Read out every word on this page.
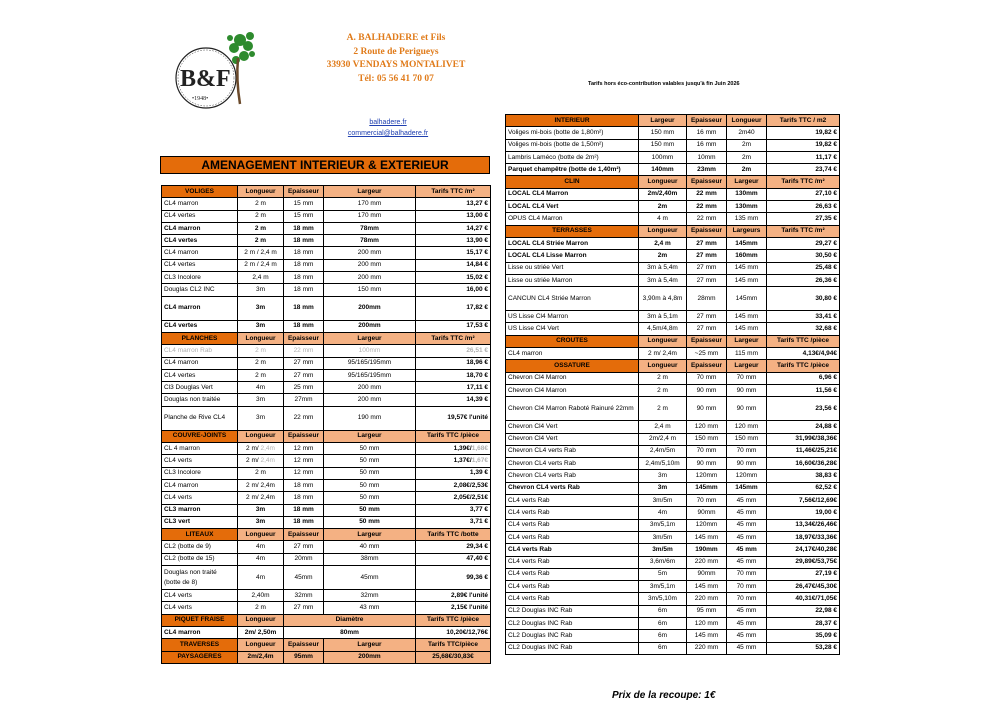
B&F
•1948•
A. BALHADERE et Fils
2 Route de Perigueys
33930 VENDAYS MONTALIVET
Tél: 05 56 41 70 07
Tarifs hors éco-contribution valables jusqu'à fin Juin 2026
balhadere.fr
commercial@balhadere.fr
AMENAGEMENT INTERIEUR & EXTERIEUR
VOLIGES	Longueur	Epaisseur	Largeur	Tarifs TTC /m²
CL4 marron	2 m	15 mm	170 mm	13,27 €
CL4 vertes	2 m	15 mm	170 mm	13,00 €
CL4 marron	2 m	18 mm	78mm	14,27 €
CL4 vertes	2 m	18 mm	78mm	13,90 €
CL4 marron	2 m / 2,4 m	18 mm	200 mm	15,17 €
CL4 vertes	2 m / 2,4 m	18 mm	200 mm	14,84 €
CL3 Incolore	2,4 m	18 mm	200 mm	15,02 €
Douglas CL2 INC	3m	18 mm	150 mm	16,00 €
CL4 marron	3m	18 mm	200mm	17,82 €
CL4 vertes	3m	18 mm	200mm	17,53 €
PLANCHES	Longueur	Epaisseur	Largeur	Tarifs TTC /m²
CL4 marron Rab	2 m	22 mm	100mm	26,51 €
CL4 marron	2 m	27 mm	95/165/195mm	18,96 €
CL4 vertes	2 m	27 mm	95/165/195mm	18,70 €
Cl3 Douglas Vert	4m	25 mm	200 mm	17,11 €
Douglas non traitée	3m	27mm	200 mm	14,39 €
Planche de Rive CL4	3m	22 mm	190 mm	19,57€ l'unité
COUVRE-JOINTS	Longueur	Epaisseur	Largeur	Tarifs TTC /pièce
CL 4 marron	2 m/ 2,4m	12 mm	50 mm	1,39€/1,68€
CL4 verts	2 m/ 2,4m	12 mm	50 mm	1,37€/1,67€
CL3 Incolore	2 m	12 mm	50 mm	1,39 €
CL4 marron	2 m/ 2,4m	18 mm	50 mm	2,08€/2,53€
CL4 verts	2 m/ 2,4m	18 mm	50 mm	2,05€/2,51€
CL3 marron	3m	18 mm	50 mm	3,77 €
CL3 vert	3m	18 mm	50 mm	3,71 €
LITEAUX	Longueur	Epaisseur	Largeur	Tarifs TTC /botte
CL2 (botte de 9)	4m	27 mm	40 mm	29,34 €
CL2 (botte de 15)	4m	20mm	38mm	47,40 €
Douglas non traité (botte de 8)	4m	45mm	45mm	99,36 €
CL4 verts	2,40m	32mm	32mm	2,89€ l'unité
CL4 verts	2 m	27 mm	43 mm	2,15€ l'unité
PIQUET FRAISE	Longueur	Diamètre		Tarifs TTC /pièce
CL4 marron	2m/ 2,50m	80mm		10,20€/12,76€
TRAVERSES	Longueur	Epaisseur	Largeur	Tarifs TTC/pièce
PAYSAGERES	2m/2,4m	95mm	200mm	25,68€/30,83€
INTERIEUR	Largeur	Epaisseur	Longueur	Tarifs TTC / m2
Voliges mi-bois (botte de 1,80m²)	150 mm	16 mm	2m40	19,82 €
Voliges mi-bois (botte de 1,50m²)	150 mm	16 mm	2m	19,82 €
Lambris Laméco (botte de 2m²)	100mm	10mm	2m	11,17 €
Parquet champêtre (botte de 1,40m²)	140mm	23mm	2m	23,74 €
CLIN	Longueur	Epaisseur	Largeur	Tarifs TTC /m²
LOCAL CL4 Marron	2m/2,40m	22 mm	130mm	27,10 €
LOCAL CL4 Vert	2m	22 mm	130mm	26,63 €
OPUS CL4 Marron	4 m	22 mm	135 mm	27,35 €
TERRASSES	Longueur	Epaisseur	Largeurs	Tarifs TTC /m²
LOCAL CL4 Striée Marron	2,4 m	27 mm	145mm	29,27 €
LOCAL CL4 Lisse Marron	2m	27 mm	160mm	30,50 €
Lisse ou striée Vert	3m à 5,4m	27 mm	145 mm	25,48 €
Lisse ou striée Marron	3m à 5,4m	27 mm	145 mm	26,36 €
CANCUN CL4 Striée Marron	3,90m à 4,8m	28mm	145mm	30,80 €
US Lisse Cl4 Marron	3m à 5,1m	27 mm	145 mm	33,41 €
US Lisse Cl4 Vert	4,5m/4,8m	27 mm	145 mm	32,68 €
CROUTES	Longueur	Epaisseur	Largeur	Tarifs TTC /pièce
CL4 marron	2 m/ 2,4m	~25 mm	115 mm	4,13€/4,94€
OSSATURE	Longueur	Epaisseur	Largeur	Tarifs TTC /pièce
Chevron Cl4 Marron	2 m	70 mm	70 mm	6,96 €
Chevron Cl4 Marron	2 m	90 mm	90 mm	11,56 €
Chevron Cl4 Marron Raboté Rainuré 22mm	2 m	90 mm	90 mm	23,56 €
Chevron Cl4 Vert	2,4 m	120 mm	120 mm	24,88 €
Chevron Cl4 Vert	2m/2,4 m	150 mm	150 mm	31,99€/38,36€
Chevron CL4 verts Rab	2,4m/5m	70 mm	70 mm	11,46€/25,21€
Chevron CL4 verts Rab	2,4m/5,10m	90 mm	90 mm	16,60€/36,28€
Chevron CL4 verts Rab	3m	120mm	120mm	38,83 €
Chevron CL4 verts Rab	3m	145mm	145mm	62,52 €
CL4 verts Rab	3m/5m	70 mm	45 mm	7,56€/12,69€
CL4 verts Rab	4m	90mm	45 mm	19,00 €
CL4 verts Rab	3m/5,1m	120mm	45 mm	13,34€/26,46€
CL4 verts Rab	3m/5m	145 mm	45 mm	18,97€/33,36€
CL4 verts Rab	3m/5m	190mm	45 mm	24,17€/40,28€
CL4 verts Rab	3,6m/6m	220 mm	45 mm	29,89€/53,75€
CL4 verts Rab	5m	90mm	70 mm	27,19 €
CL4 verts Rab	3m/5,1m	145 mm	70 mm	26,47€/45,30€
CL4 verts Rab	3m/5,10m	220 mm	70 mm	40,31€/71,05€
CL2 Douglas INC Rab	6m	95 mm	45 mm	22,98 €
CL2 Douglas INC Rab	6m	120 mm	45 mm	28,37 €
CL2 Douglas INC Rab	6m	145 mm	45 mm	35,09 €
CL2 Douglas INC Rab	6m	220 mm	45 mm	53,28 €
Prix de la recoupe: 1€
